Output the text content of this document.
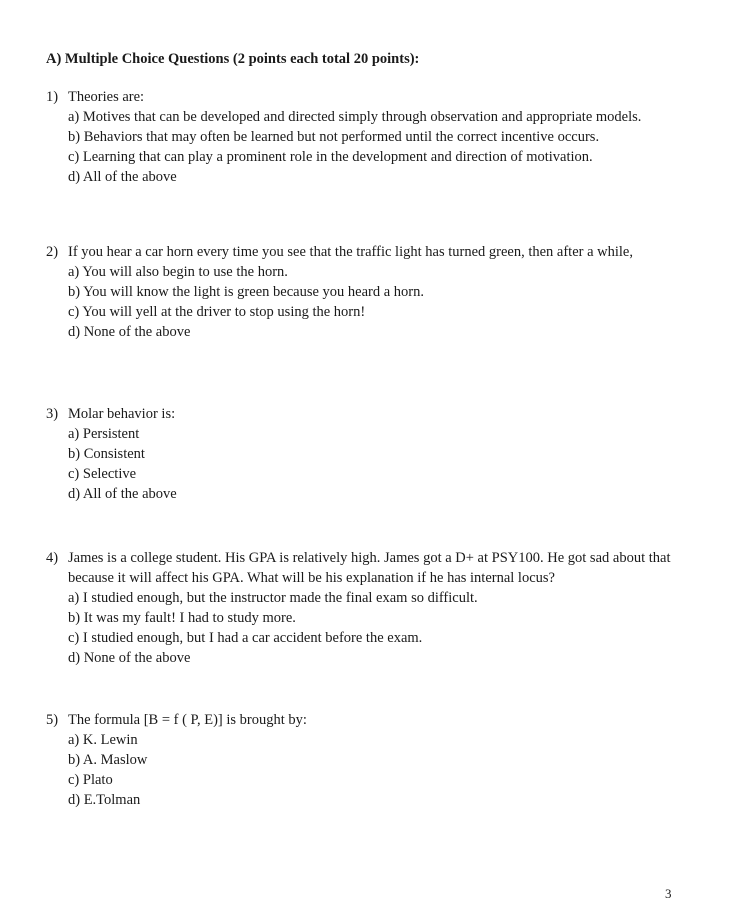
A) Multiple Choice Questions (2 points each total 20 points):
1) Theories are:
a) Motives that can be developed and directed simply through observation and appropriate models.
b) Behaviors that may often be learned but not performed until the correct incentive occurs.
c) Learning that can play a prominent role in the development and direction of motivation.
d) All of the above
2) If you hear a car horn every time you see that the traffic light has turned green, then after a while,
a) You will also begin to use the horn.
b) You will know the light is green because you heard a horn.
c) You will yell at the driver to stop using the horn!
d) None of the above
3) Molar behavior is:
a) Persistent
b) Consistent
c) Selective
d) All of the above
4) James is a college student. His GPA is relatively high. James got a D+ at PSY100. He got sad about that because it will affect his GPA. What will be his explanation if he has internal locus?
a) I studied enough, but the instructor made the final exam so difficult.
b) It was my fault! I had to study more.
c) I studied enough, but I had a car accident before the exam.
d) None of the above
5) The formula [B = f ( P, E)] is brought by:
a) K. Lewin
b) A. Maslow
c) Plato
d) E.Tolman
3
